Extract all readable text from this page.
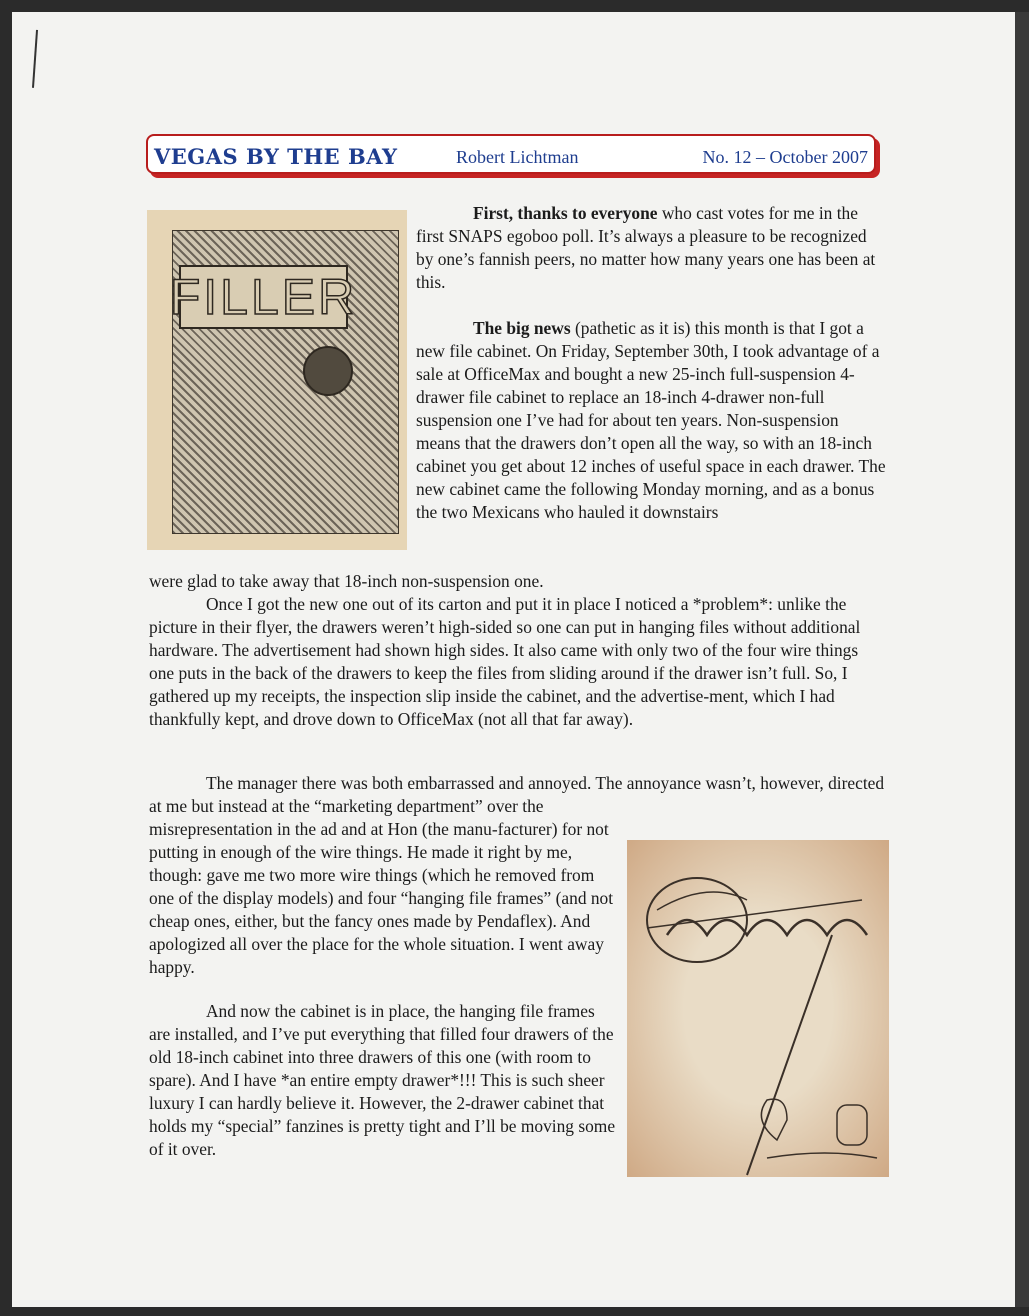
VEGAS BY THE BAY	Robert Lichtman	No. 12 – October 2007
FILLER

First, thanks to everyone who cast votes for me in the first SNAPS egoboo poll. It’s always a pleasure to be recognized by one’s fannish peers, no matter how many years one has been at this.

The big news (pathetic as it is) this month is that I got a new file cabinet. On Friday, September 30th, I took advantage of a sale at OfficeMax and bought a new 25-inch full-suspension 4-drawer file cabinet to replace an 18-inch 4-drawer non-full suspension one I’ve had for about ten years. Non-suspension means that the drawers don’t open all the way, so with an 18-inch cabinet you get about 12 inches of useful space in each drawer. The new cabinet came the following Monday morning, and as a bonus the two Mexicans who hauled it downstairs

were glad to take away that 18-inch non-suspension one.

Once I got the new one out of its carton and put it in place I noticed a *problem*: unlike the picture in their flyer, the drawers weren’t high-sided so one can put in hanging files without additional hardware. The advertisement had shown high sides. It also came with only two of the four wire things one puts in the back of the drawers to keep the files from sliding around if the drawer isn’t full. So, I gathered up my receipts, the inspection slip inside the cabinet, and the advertise-ment, which I had thankfully kept, and drove down to OfficeMax (not all that far away).

The manager there was both embarrassed and annoyed. The annoyance wasn’t, however, directed at me but instead at the “marketing department” over the

misrepresentation in the ad and at Hon (the manu-facturer) for not putting in enough of the wire things. He made it right by me, though: gave me two more wire things (which he removed from one of the display models) and four “hanging file frames” (and not cheap ones, either, but the fancy ones made by Pendaflex). And apologized all over the place for the whole situation. I went away happy.

And now the cabinet is in place, the hanging file frames are installed, and I’ve put everything that filled four drawers of the old 18-inch cabinet into three drawers of this one (with room to spare). And I have *an entire empty drawer*!!! This is such sheer luxury I can hardly believe it. However, the 2-drawer cabinet that holds my “special” fanzines is pretty tight and I’ll be moving some of it over.
